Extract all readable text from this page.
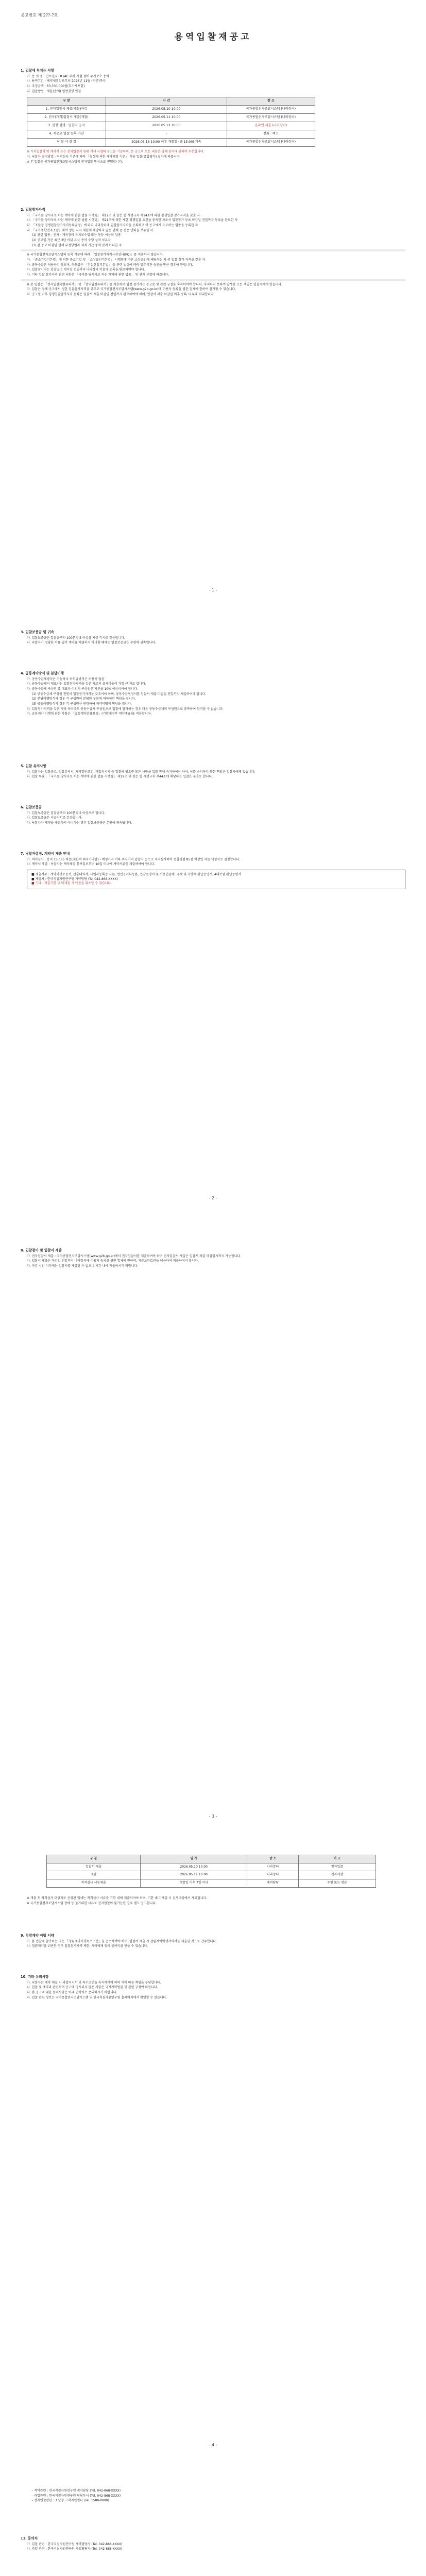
공고번호 제 2??-?호
용역입찰재공고
1. 입찰에 부치는 사항
가. 용 역 명 : 연료전지 DC/AC 부하 시험 장비 유지보수 용역
나. 용역기간 : 계약체결일로부터 2026년 11월 (기준)까지
다. 추정금액 : 63,700,000원(부가세포함)
라. 입찰방법 : 제한(총액) 일반경쟁 입찰
구 분	시 간	장 소
1. 전자입찰서 제출(개찰)마감	2026.05.10 10:00	국가종합전자조달시스템 (나라장터)
2. 전자(가격)입찰서 제출(개찰)	2026.05.11 10:00	국가종합전자조달시스템 (나라장터)
3. 현장 설명 · 입찰자 공지	2026.05.12 10:00	온라인 제출 (나라장터)
4. 재공고 입찰 등록 마감	-	전화 · 팩스
낙 찰 자 결 정	2026.05.13 10:00 이후 개찰일 (금 15:00) 계속	국가종합전자조달시스템 (나라장터)
※ 가격입찰서 및 계약서 등은 전자입찰서 원래 기재 시점의 공고를 기준하며, 본 공고의 모든 내용은 당해 용역에 관하여 우선합니다.
마. 낙찰자 결정방법 : 적격심사 기준에 따라 「협상에 의한 계약체결 기준」 적용 입찰(종합평가) 절차에 따릅니다.
※ 본 입찰은 국가종합전자조달시스템의 전자입찰 방식으로 진행합니다.
2. 입찰참가자격
가. 「국가를 당사자로 하는 계약에 관한 법률 시행령」 제12조 및 같은 법 시행규칙 제14조에 의한 경쟁입찰 참가자격을 갖춘 자
나. 「국가를 당사자로 하는 계약에 관한 법률 시행령」 제21조에 의한 제한 경쟁입찰 요건을 충족한 자로서 입찰참가 등록 마감일 전일까지 등록을 완료한 자
다. 「조달청 경쟁입찰참가자격등록규정」에 따라 나라장터에 입찰참가자격을 등록하고 이 공고에서 요구하는 업종을 등록한 자
라. 「국가종합전자조달」에서 정한 지역 제한에 해당하지 않는 업체 중 전문 인력을 보유한 자
(1) 관련 업종 : 전자 · 계측장비 유지보수업 또는 동등 이상의 업종
(2) 공고일 기준 최근 3년 이내 유사 용역 수행 실적 보유자
(3) 본 공고 마감일 현재 부정당업자 제재 기간 중에 있지 아니한 자
※ 국가종합전자조달시스템의 등록 기준에 따라 「입찰참가자격사전심사(PQ)」를 적용하지 않습니다.
마. 「중소기업기본법」에 의한 중소기업 및 「소상공인기본법」 시행령에 따른 소상공인에 해당하는 자 중 입찰 참가 자격을 갖춘 자
바. 공동수급은 허용하지 않으며, 하도급은 「건설산업기본법」 등 관련 법령에 따라 발주기관 승인을 받은 경우에 한합니다.
사. 입찰참가자는 입찰공고 게시일 전일까지 나라장터 이용자 등록을 완료하여야 합니다.
아. 기타 입찰 참가자격 관련 사항은 「국가를 당사자로 하는 계약에 관한 법률」 및 관계 규정에 따릅니다.
※ 본 입찰은 「전자입찰특별유의서」 및 「용역입찰유의서」를 적용하며 입찰 참가자는 공고문 및 관련 규정을 숙지하여야 합니다. 숙지하지 못하여 발생한 모든 책임은 입찰자에게 있습니다.
자. 입찰은 당해 공고에서 정한 입찰참가자격을 갖추고 국가종합전자조달시스템(www.g2b.go.kr)에 이용자 등록을 필한 업체에 한하여 참가할 수 있습니다.
차. 공고일 이후 경쟁입찰참가자격 등록은 입찰서 제출 마감일 전일까지 완료하여야 하며, 입찰서 제출 마감일 이후 등록 시 무효 처리합니다.
- 1 -
3. 입찰보증금 및 귀속
가. 입찰보증금은 입찰금액의 100분의 5 이상을 지급 각서로 갈음합니다.
나. 낙찰자가 정당한 이유 없이 계약을 체결하지 아니할 때에는 입찰보증금은 본원에 귀속됩니다.
4. 공동계약방식 및 분담이행
가. 공동수급체방식은 가능하나 하도급방식은 허용치 않음
나. 공동수급체의 대표자는 입찰참가자격을 갖춘 자로서 출자비율이 가장 큰 자로 합니다.
다. 공동수급체 구성원 중 대표자 이외의 구성원은 지분율 10% 이상이어야 합니다.
(1) 공동수급체 구성원 전원이 입찰참가자격을 갖추어야 하며, 공동수급협정서를 입찰서 제출 마감일 전일까지 제출하여야 합니다.
(2) 분담이행방식의 경우 각 구성원이 분담한 부분에 대하여만 책임을 집니다.
(3) 공동이행방식의 경우 각 구성원은 연대하여 계약이행의 책임을 집니다.
라. 입찰참가자격을 갖춘 자라 하더라도 공동수급체 구성원으로 입찰에 참가하는 경우 다른 공동수급체의 구성원으로 중복하여 참가할 수 없습니다.
마. 공동계약 이행에 관한 사항은 「공동계약운용요령」(기획재정부 계약예규)을 적용합니다.
5. 입찰 유의사항
가. 입찰자는 입찰공고, 입찰유의서, 계약일반조건, 과업지시서 등 입찰에 필요한 모든 사항을 입찰 전에 숙지하여야 하며, 이를 숙지하지 못한 책임은 입찰자에게 있습니다.
나. 입찰 무효 : 「국가를 당사자로 하는 계약에 관한 법률 시행령」 제39조 및 같은 법 시행규칙 제44조에 해당하는 입찰은 무효로 합니다.
6. 입찰보증금
가. 입찰보증금은 입찰금액의 100분의 5 이상으로 합니다.
나. 입찰보증금은 지급각서로 갈음합니다.
다. 낙찰자가 계약을 체결하지 아니하는 경우 입찰보증금은 본원에 귀속됩니다.
7. 낙찰자결정, 계약서 제출 안내
가. 적격심사 : 용역 15 / 65 적용(제한적 최저가낙찰) - 예정가격 이하 최저가격 입찰자 순으로 적격심사하여 종합평점 85점 이상인 자를 낙찰자로 결정합니다.
나. 계약서 제출 : 낙찰자는 계약체결 통보일로부터 10일 이내에 계약서류를 제출하여야 합니다.
■ 제출서류 : 계약이행보증서, 산출내역서, 사업자등록증 사본, 법인등기부등본, 인감증명서 및 사용인감계, 국세 및 지방세 완납증명서, 4대보험 완납증명서
■ 제출처 : 한국지질자원연구원 계약담당 (Tel 042-868-XXXX)
■ 기타 : 제출기한 내 미제출 시 낙찰을 취소할 수 있습니다.
- 2 -
8. 입찰참가 및 입찰서 제출
가. 전자입찰서 제출 : 국가종합전자조달시스템(www.g2b.go.kr)에서 전자입찰서를 제출하여야 하며 전자입찰서 제출은 입찰서 제출 마감일시까지 가능합니다.
나. 입찰서 제출은 마감일 전일까지 나라장터에 이용자 등록을 필한 업체에 한하며, 지문보안토큰을 이용하여 제출하여야 합니다.
다. 마감 시간 이후에는 입찰서를 제출할 수 없으니 시간 내에 제출하시기 바랍니다.
- 3 -
구 분	일 시	장 소	비 고
입찰서 제출	2026.05.10 10:00	나라장터	전자입찰
개찰	2026.05.11 10:00	나라장터	전자개찰
적격심사 서류제출	개찰일 이후 7일 이내	계약담당	우편 또는 방문
※ 개찰 후 적격심사 대상자로 선정된 업체는 적격심사 서류를 기한 내에 제출하여야 하며, 기한 내 미제출 시 심사대상에서 제외합니다.
※ 국가종합전자조달시스템 장애 등 불가피한 사유로 전자입찰이 불가능한 경우 별도 공고합니다.
9. 청렴계약 이행 서약
가. 본 입찰에 참가하는 자는 「청렴계약이행특수조건」을 준수하여야 하며, 입찰서 제출 시 청렴계약이행서약서를 제출한 것으로 간주합니다.
나. 청렴계약을 위반한 경우 입찰참가자격 제한, 계약해제 등의 불이익을 받을 수 있습니다.
10. 기타 유의사항
가. 낙찰자는 계약 체결 시 과업지시서 및 특수조건을 숙지하여야 하며 이에 따른 책임을 부담합니다.
나. 입찰 및 계약과 관련하여 공고에 명시되지 않은 사항은 국가계약법령 및 관련 규정에 따릅니다.
다. 본 공고에 대한 문의사항은 아래 연락처로 문의하시기 바랍니다.
라. 입찰 관련 정보는 국가종합전자조달시스템 및 한국지질자원연구원 홈페이지에서 확인할 수 있습니다.
- 4 -
- 계약관련 : 한국지질자원연구원 계약담당 (Tel. 042-868-XXXX)
- 과업관련 : 한국지질자원연구원 담당부서 (Tel. 042-868-XXXX)
- 전자입찰관련 : 조달청 고객지원센터 (Tel. 1588-0800)
11. 문의처
가. 입찰 관련 : 한국지질자원연구원 계약담당자 (Tel. 042-868-XXXX)
나. 과업 관련 : 한국지질자원연구원 과업담당자 (Tel. 042-868-XXXX)
